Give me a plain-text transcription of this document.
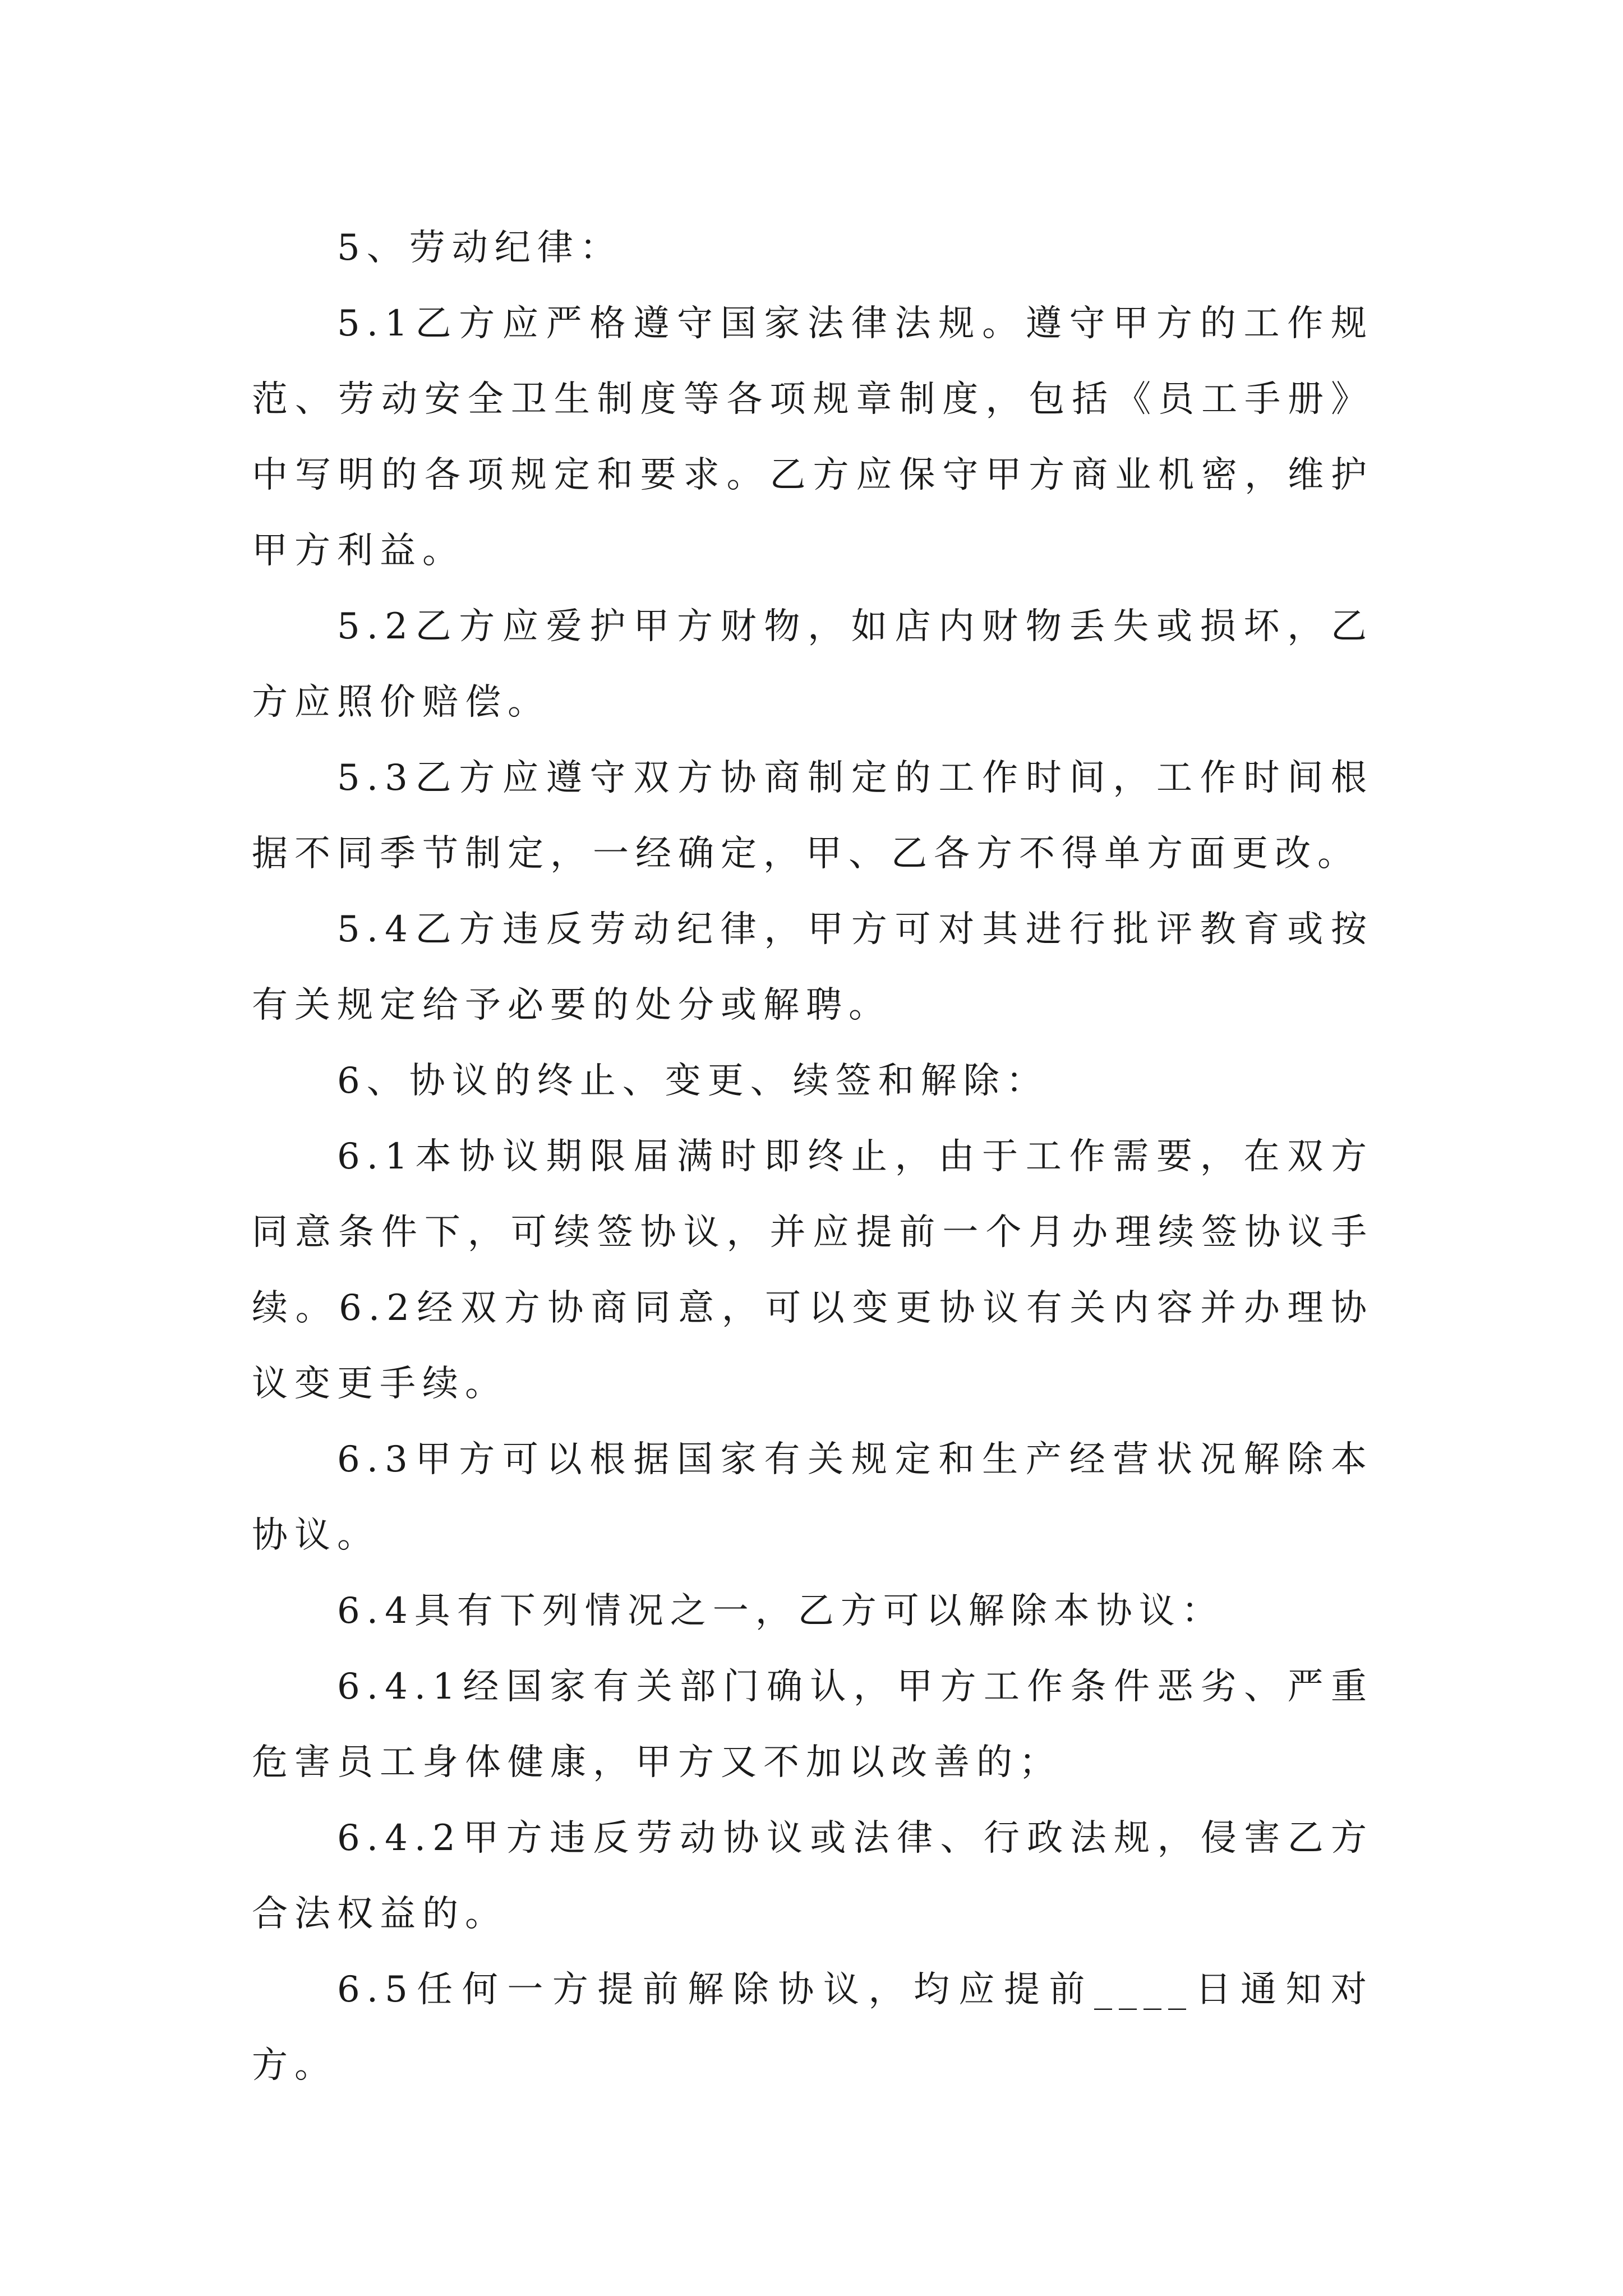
5、劳动纪律：

5.1乙方应严格遵守国家法律法规。遵守甲方的工作规范、劳动安全卫生制度等各项规章制度，包括《员工手册》中写明的各项规定和要求。乙方应保守甲方商业机密，维护甲方利益。

5.2乙方应爱护甲方财物，如店内财物丢失或损坏，乙方应照价赔偿。

5.3乙方应遵守双方协商制定的工作时间，工作时间根据不同季节制定，一经确定，甲、乙各方不得单方面更改。

5.4乙方违反劳动纪律，甲方可对其进行批评教育或按有关规定给予必要的处分或解聘。

6、协议的终止、变更、续签和解除：

6.1本协议期限届满时即终止，由于工作需要，在双方同意条件下，可续签协议，并应提前一个月办理续签协议手续。6.2经双方协商同意，可以变更协议有关内容并办理协议变更手续。

6.3甲方可以根据国家有关规定和生产经营状况解除本协议。

6.4具有下列情况之一，乙方可以解除本协议：

6.4.1经国家有关部门确认，甲方工作条件恶劣、严重危害员工身体健康，甲方又不加以改善的；

6.4.2甲方违反劳动协议或法律、行政法规，侵害乙方合法权益的。

6.5任何一方提前解除协议，均应提前____日通知对方。
